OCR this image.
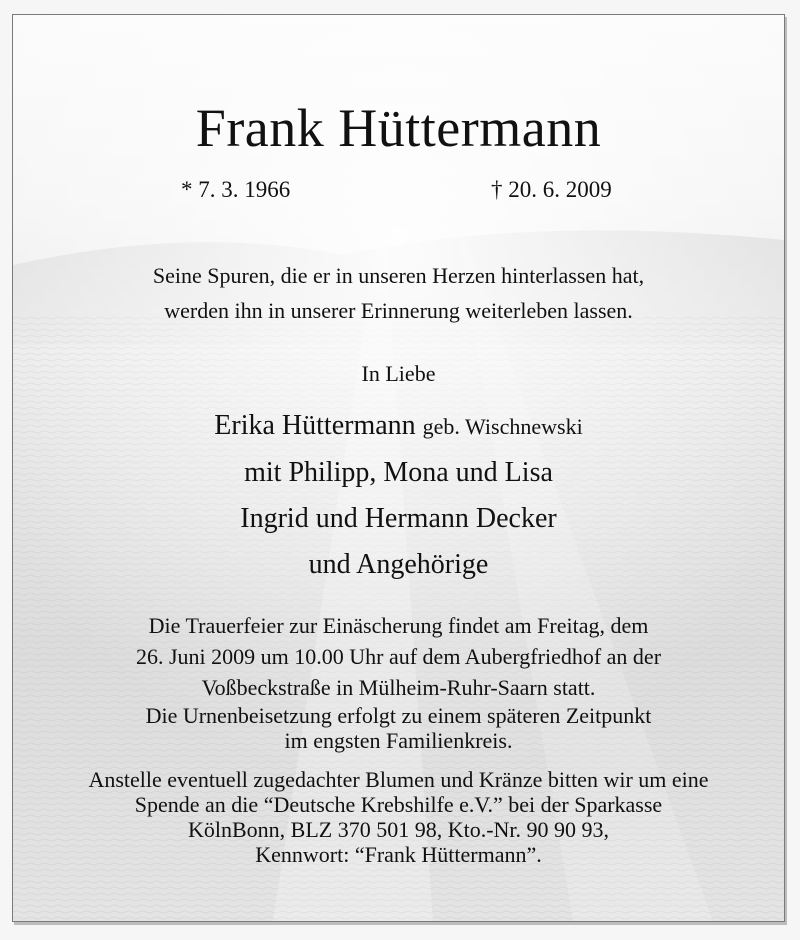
Frank Hüttermann
* 7. 3. 1966	† 20. 6. 2009
Seine Spuren, die er in unseren Herzen hinterlassen hat,
werden ihn in unserer Erinnerung weiterleben lassen.
In Liebe
Erika Hüttermann geb. Wischnewski
mit Philipp, Mona und Lisa
Ingrid und Hermann Decker
und Angehörige
Die Trauerfeier zur Einäscherung findet am Freitag, dem
26. Juni 2009 um 10.00 Uhr auf dem Aubergfriedhof an der
Voßbeckstraße in Mülheim-Ruhr-Saarn statt.
Die Urnenbeisetzung erfolgt zu einem späteren Zeitpunkt
im engsten Familienkreis.
Anstelle eventuell zugedachter Blumen und Kränze bitten wir um eine
Spende an die “Deutsche Krebshilfe e.V.” bei der Sparkasse
KölnBonn, BLZ 370 501 98, Kto.-Nr. 90 90 93,
Kennwort: “Frank Hüttermann”.
